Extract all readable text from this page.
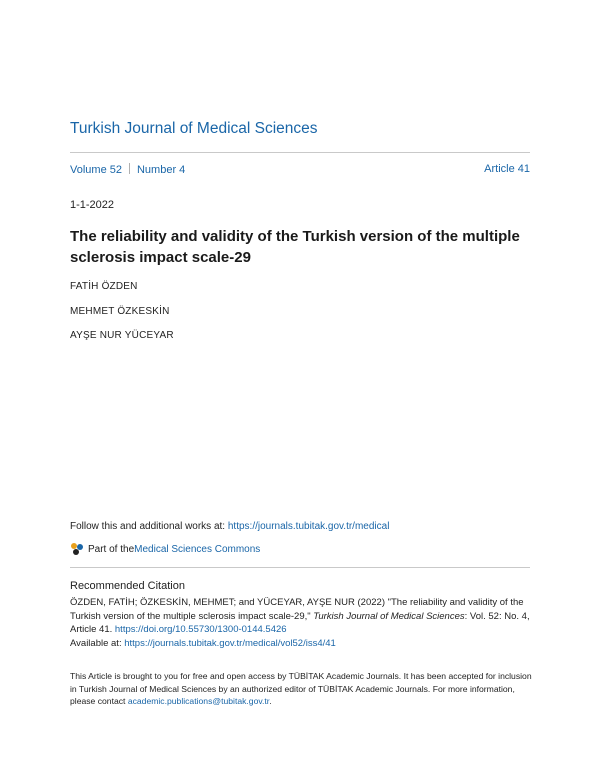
Turkish Journal of Medical Sciences
Volume 52 Number 4	Article 41
1-1-2022
The reliability and validity of the Turkish version of the multiple sclerosis impact scale-29
FATİH ÖZDEN
MEHMET ÖZKESKİN
AYŞE NUR YÜCEYAR
Follow this and additional works at: https://journals.tubitak.gov.tr/medical
Part of the Medical Sciences Commons
Recommended Citation
ÖZDEN, FATİH; ÖZKESKİN, MEHMET; and YÜCEYAR, AYŞE NUR (2022) "The reliability and validity of the Turkish version of the multiple sclerosis impact scale-29," Turkish Journal of Medical Sciences: Vol. 52: No. 4, Article 41. https://doi.org/10.55730/1300-0144.5426
Available at: https://journals.tubitak.gov.tr/medical/vol52/iss4/41
This Article is brought to you for free and open access by TÜBİTAK Academic Journals. It has been accepted for inclusion in Turkish Journal of Medical Sciences by an authorized editor of TÜBİTAK Academic Journals. For more information, please contact academic.publications@tubitak.gov.tr.
